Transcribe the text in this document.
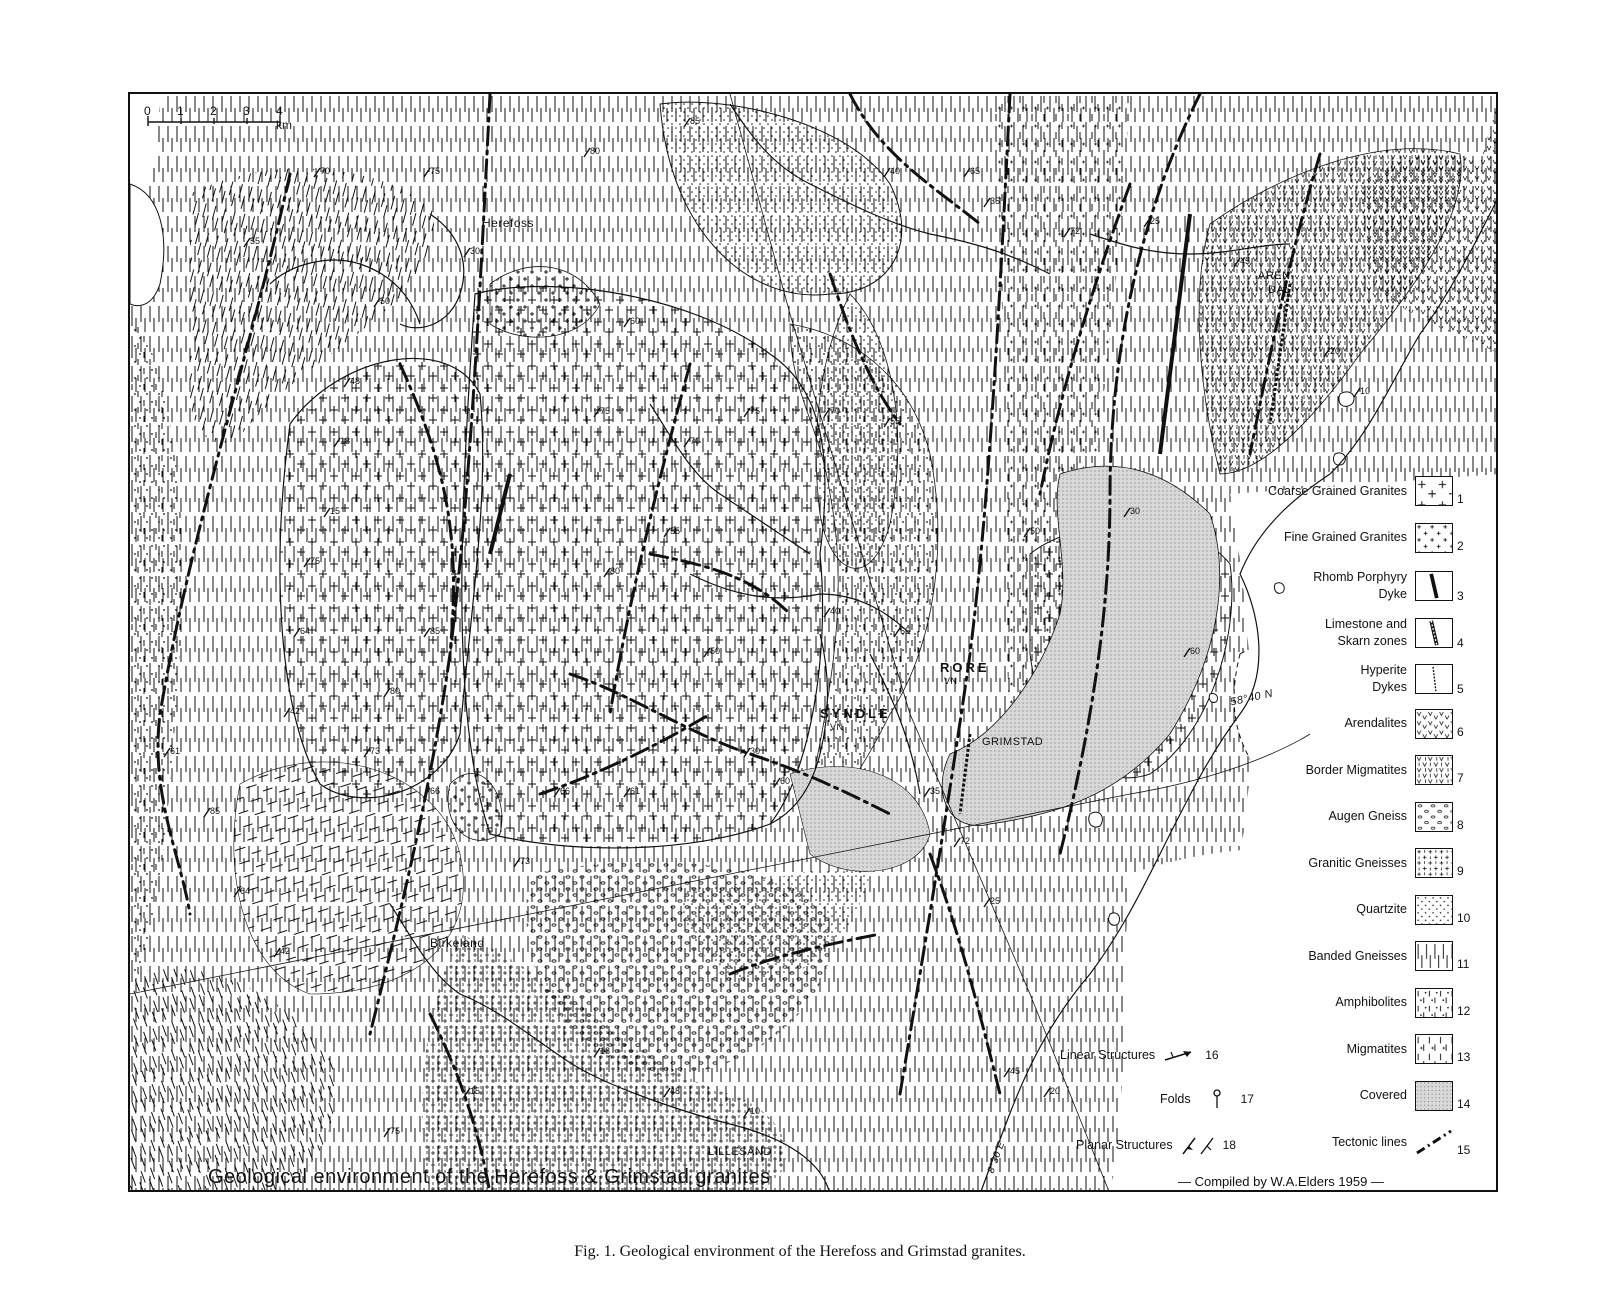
85
80
75
70
55
50
30
60
40	65
35
72
25
45
20
10
48
18
15
75
64
42
73
66
61
85
80
75
70
55
50
30
60
40
65
35
72
25
45
20
10
48
18
15
75
64
42
73
66	61
85
80
75	70
55
50
30
60
0 1 2 3 4 km
Herefoss
AREN-
DAL
Birkeland
LILLESAND
SYNDLE
VN
RORE
VN
GRIMSTAD
58°40 N
8°30 E
Coarse Grained Granites
1
Fine Grained Granites
2
Rhomb Porphyry
Dyke	3
Limestone and
Skarn zones	4
Hyperite
Dykes	5
Arendalites
6
Border Migmatites
7
Augen Gneiss
8
Granitic Gneisses
9
Quartzite
10
Banded Gneisses
11
Amphibolites
12
Migmatites
13
Covered
14
Tectonic lines
15
Linear Structures	16
Folds	17
Planar Structures	18
Geological environment of the Herefoss & Grimstad granites	— Compiled by W.A.Elders 1959 —
Fig. 1. Geological environment of the Herefoss and Grimstad granites.
